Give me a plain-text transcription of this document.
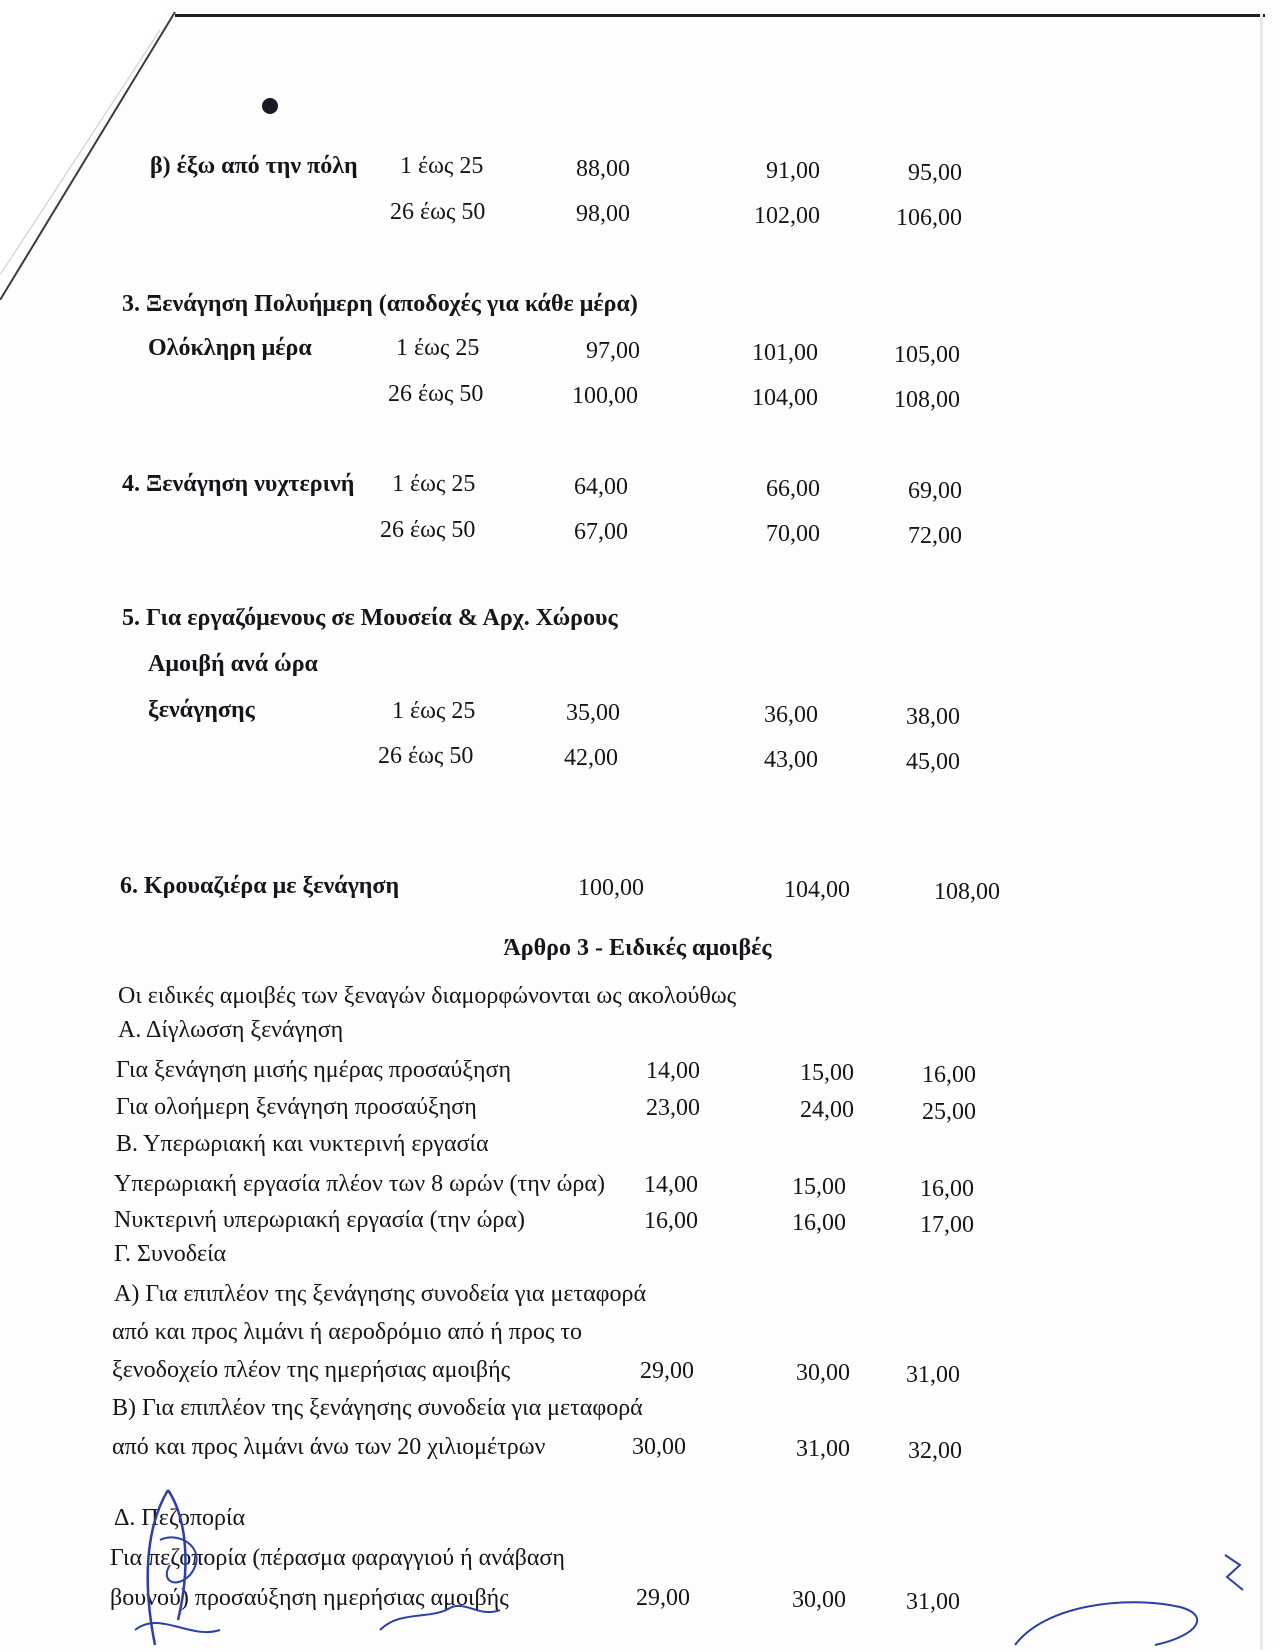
β) έξω από την πόλη 1 έως 25	88,00	91,00	95,00
26 έως 50	98,00	102,00	106,00
3. Ξενάγηση Πολυήμερη (αποδοχές για κάθε μέρα)
Ολόκληρη μέρα	1 έως 25	97,00	101,00	105,00
26 έως 50	100,00	104,00	108,00
4. Ξενάγηση νυχτερινή 1 έως 25	64,00	66,00	69,00
26 έως 50	67,00	70,00	72,00
5. Για εργαζόμενους σε Μουσεία & Αρχ. Χώρους
Αμοιβή ανά ώρα
ξενάγησης	1 έως 25	35,00	36,00	38,00
26 έως 50	42,00	43,00	45,00
6. Κρουαζιέρα με ξενάγηση	100,00	104,00	108,00
Άρθρο 3 - Ειδικές αμοιβές
Οι ειδικές αμοιβές των ξεναγών διαμορφώνονται ως ακολούθως
Α. Δίγλωσση ξενάγηση
Για ξενάγηση μισής ημέρας προσαύξηση	14,00	15,00	16,00
Για ολοήμερη ξενάγηση προσαύξηση	23,00	24,00	25,00
Β. Υπερωριακή και νυκτερινή εργασία
Υπερωριακή εργασία πλέον των 8 ωρών (την ώρα)	14,00	15,00	16,00
Νυκτερινή υπερωριακή εργασία (την ώρα)	16,00	16,00	17,00
Γ. Συνοδεία
Α) Για επιπλέον της ξενάγησης συνοδεία για μεταφορά
από και προς λιμάνι ή αεροδρόμιο από ή προς το
ξενοδοχείο πλέον της ημερήσιας αμοιβής	29,00	30,00	31,00
Β) Για επιπλέον της ξενάγησης συνοδεία για μεταφορά
από και προς λιμάνι άνω των 20 χιλιομέτρων	30,00	31,00	32,00
Δ. Πεζοπορία
Για πεζοπορία (πέρασμα φαραγγιού ή ανάβαση
βουνού) προσαύξηση ημερήσιας αμοιβής	29,00	30,00	31,00
